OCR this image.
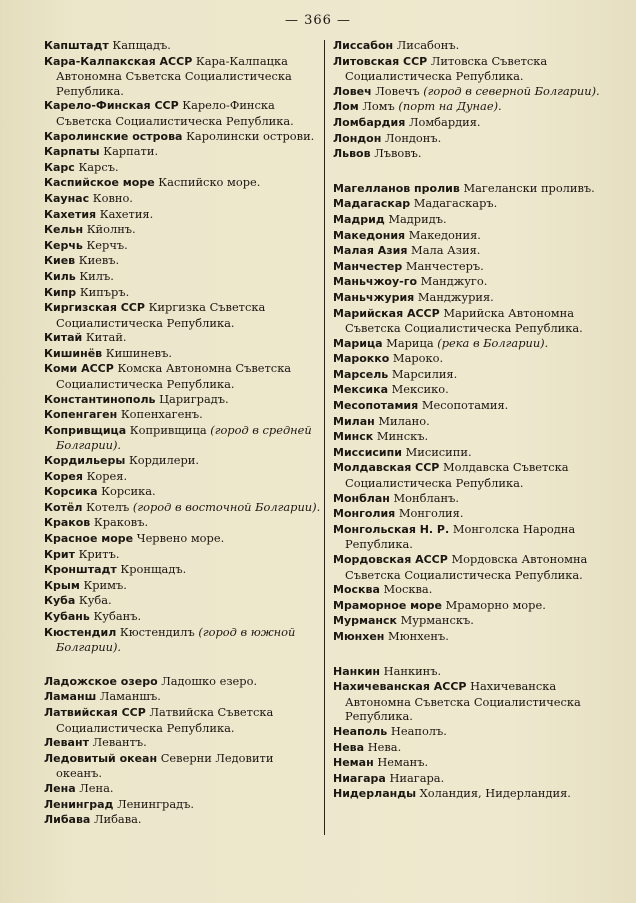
— 366 —

Капштадт Капщадъ.

Кара-Калпакская АССР Кара-Калпацка Автономна Съветска Социалистическа Република.

Карело-Финская ССР Карело-Финска Съветска Социалистическа Република.

Каролинские острова Каролински острови.

Карпаты Карпати.

Карс Карсъ.

Каспийское море Каспийско море.

Каунас Ковно.

Кахетия Кахетия.

Кельн Кйолнъ.

Керчь Керчъ.

Киев Киевъ.

Киль Килъ.

Кипр Кипъръ.

Киргизская ССР Киргизка Съветска Социалистическа Република.

Китай Китай.

Кишинёв Кишиневъ.

Коми АССР Комска Автономна Съветска Социалистическа Република.

Константинополь Цариградъ.

Копенгаген Копенхагенъ.

Копривщица Копривщица (город в средней Болгарии).

Кордильеры Кордилери.

Корея Корея.

Корсика Корсика.

Котёл Котелъ (город в восточной Болгарии).

Краков Краковъ.

Красное море Червено море.

Крит Критъ.

Кронштадт Кронщадъ.

Крым Кримъ.

Куба Куба.

Кубань Кубанъ.

Кюстендил Кюстендилъ (город в южной Болгарии).

Ладожское озеро Ладошко езеро.

Ламанш Ламаншъ.

Латвийская ССР Латвийска Съветска Социалистическа Република.

Левант Левантъ.

Ледовитый океан Северни Ледовити океанъ.

Лена Лена.

Ленинград Ленинградъ.

Либава Либава.

Лиссабон Лисабонъ.

Литовская ССР Литовска Съветска Социалистическа Република.

Ловеч Ловечъ (город в северной Болгарии).

Лом Ломъ (порт на Дунае).

Ломбардия Ломбардия.

Лондон Лондонъ.

Львов Лъвовъ.

Магелланов пролив Магелански проливъ.

Мадагаскар Мадагаскаръ.

Мадрид Мадридъ.

Македония Македония.

Малая Азия Мала Азия.

Манчестер Манчестеръ.

Маньчжоу-го Манджуго.

Маньчжурия Манджурия.

Марийская АССР Марийска Автономна Съветска Социалистическа Република.

Марица Марица (река в Болгарии).

Марокко Мароко.

Марсель Марсилия.

Мексика Мексико.

Месопотамия Месопотамия.

Милан Милано.

Минск Минскъ.

Миссисипи Мисисипи.

Молдавская ССР Молдавска Съветска Социалистическа Република.

Монблан Монбланъ.

Монголия Монголия.

Монгольская Н. Р. Монголска Народна Република.

Мордовская АССР Мордовска Автономна Съветска Социалистическа Република.

Москва Москва.

Мраморное море Мраморно море.

Мурманск Мурманскъ.

Мюнхен Мюнхенъ.

Нанкин Нанкинъ.

Нахичеванская АССР Нахичеванска Автономна Съветска Социалистическа Република.

Неаполь Неаполъ.

Нева Нева.

Неман Неманъ.

Ниагара Ниагара.

Нидерланды Холандия, Нидерландия.
